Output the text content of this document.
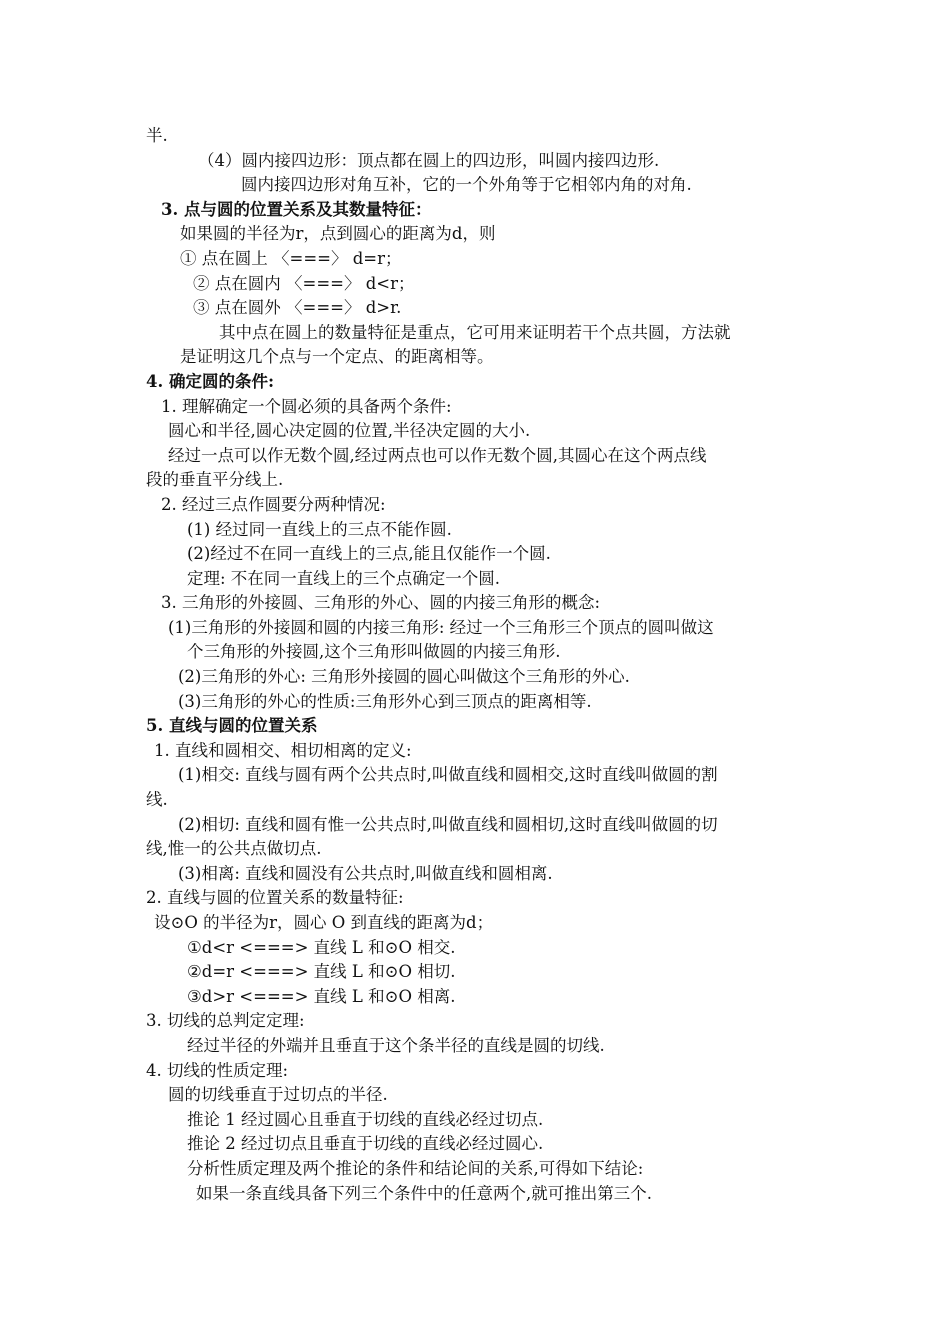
半.
（4）圆内接四边形：顶点都在圆上的四边形，叫圆内接四边形.
圆内接四边形对角互补，它的一个外角等于它相邻内角的对角.
3. 点与圆的位置关系及其数量特征：
如果圆的半径为r，点到圆心的距离为d，则
① 点在圆上 〈===〉 d=r；
② 点在圆内 〈===〉 d<r；
③ 点在圆外 〈===〉 d>r.
其中点在圆上的数量特征是重点，它可用来证明若干个点共圆，方法就
是证明这几个点与一个定点、的距离相等。
4. 确定圆的条件:
1. 理解确定一个圆必须的具备两个条件:
圆心和半径,圆心决定圆的位置,半径决定圆的大小.
经过一点可以作无数个圆,经过两点也可以作无数个圆,其圆心在这个两点线
段的垂直平分线上.
2. 经过三点作圆要分两种情况:
(1) 经过同一直线上的三点不能作圆.
(2)经过不在同一直线上的三点,能且仅能作一个圆.
定理: 不在同一直线上的三个点确定一个圆.
3. 三角形的外接圆、三角形的外心、圆的内接三角形的概念:
(1)三角形的外接圆和圆的内接三角形: 经过一个三角形三个顶点的圆叫做这
个三角形的外接圆,这个三角形叫做圆的内接三角形.
(2)三角形的外心: 三角形外接圆的圆心叫做这个三角形的外心.
(3)三角形的外心的性质:三角形外心到三顶点的距离相等.
5. 直线与圆的位置关系
1. 直线和圆相交、相切相离的定义:
(1)相交: 直线与圆有两个公共点时,叫做直线和圆相交,这时直线叫做圆的割
线.
(2)相切: 直线和圆有惟一公共点时,叫做直线和圆相切,这时直线叫做圆的切
线,惟一的公共点做切点.
(3)相离: 直线和圆没有公共点时,叫做直线和圆相离.
2. 直线与圆的位置关系的数量特征:
设⊙O 的半径为r，圆心 O 到直线的距离为d；
①d<r <===> 直线 L 和⊙O 相交.
②d=r <===> 直线 L 和⊙O 相切.
③d>r <===> 直线 L 和⊙O 相离.
3. 切线的总判定定理:
经过半径的外端并且垂直于这个条半径的直线是圆的切线.
4. 切线的性质定理:
圆的切线垂直于过切点的半径.
推论 1 经过圆心且垂直于切线的直线必经过切点.
推论 2 经过切点且垂直于切线的直线必经过圆心.
分析性质定理及两个推论的条件和结论间的关系,可得如下结论:
如果一条直线具备下列三个条件中的任意两个,就可推出第三个.
